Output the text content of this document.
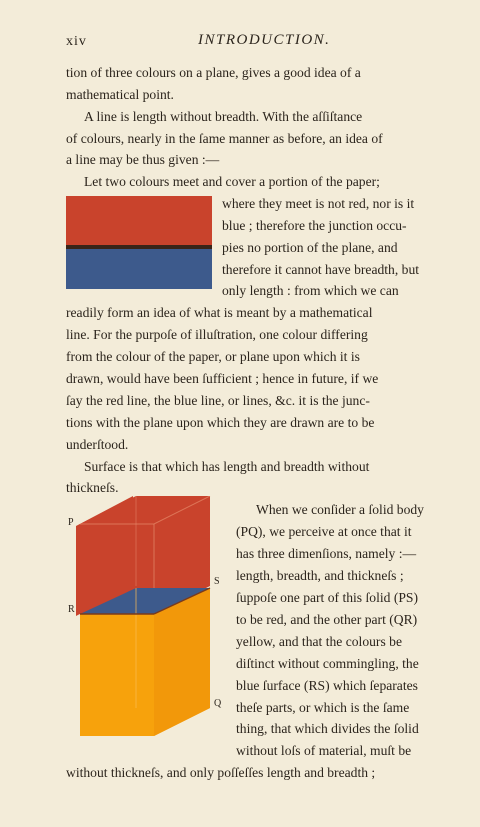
xiv	INTRODUCTION.
tion of three colours on a plane, gives a good idea of a
mathematical point.
A line is length without breadth. With the aſſiſtance
of colours, nearly in the ſame manner as before, an idea of
a line may be thus given :—
Let two colours meet and cover a portion of the paper;
where they meet is not red, nor is it
blue ; therefore the junction occu-
pies no portion of the plane, and
therefore it cannot have breadth, but
only length : from which we can
readily form an idea of what is meant by a mathematical
line. For the purpoſe of illuſtration, one colour differing
from the colour of the paper, or plane upon which it is
drawn, would have been ſufficient ; hence in future, if we
ſay the red line, the blue line, or lines, &c. it is the junc-
tions with the plane upon which they are drawn are to be
underſtood.
Surface is that which has length and breadth without
thickneſs.
When we conſider a ſolid body
(PQ), we perceive at once that it
has three dimenſions, namely :—
length, breadth, and thickneſs ;
ſuppoſe one part of this ſolid (PS)
to be red, and the other part (QR)
yellow, and that the colours be
diſtinct without commingling, the
blue ſurface (RS) which ſeparates
theſe parts, or which is the ſame
thing, that which divides the ſolid
without loſs of material, muſt be
without thickneſs, and only poſſeſſes length and breadth ;
P
R
S
Q
